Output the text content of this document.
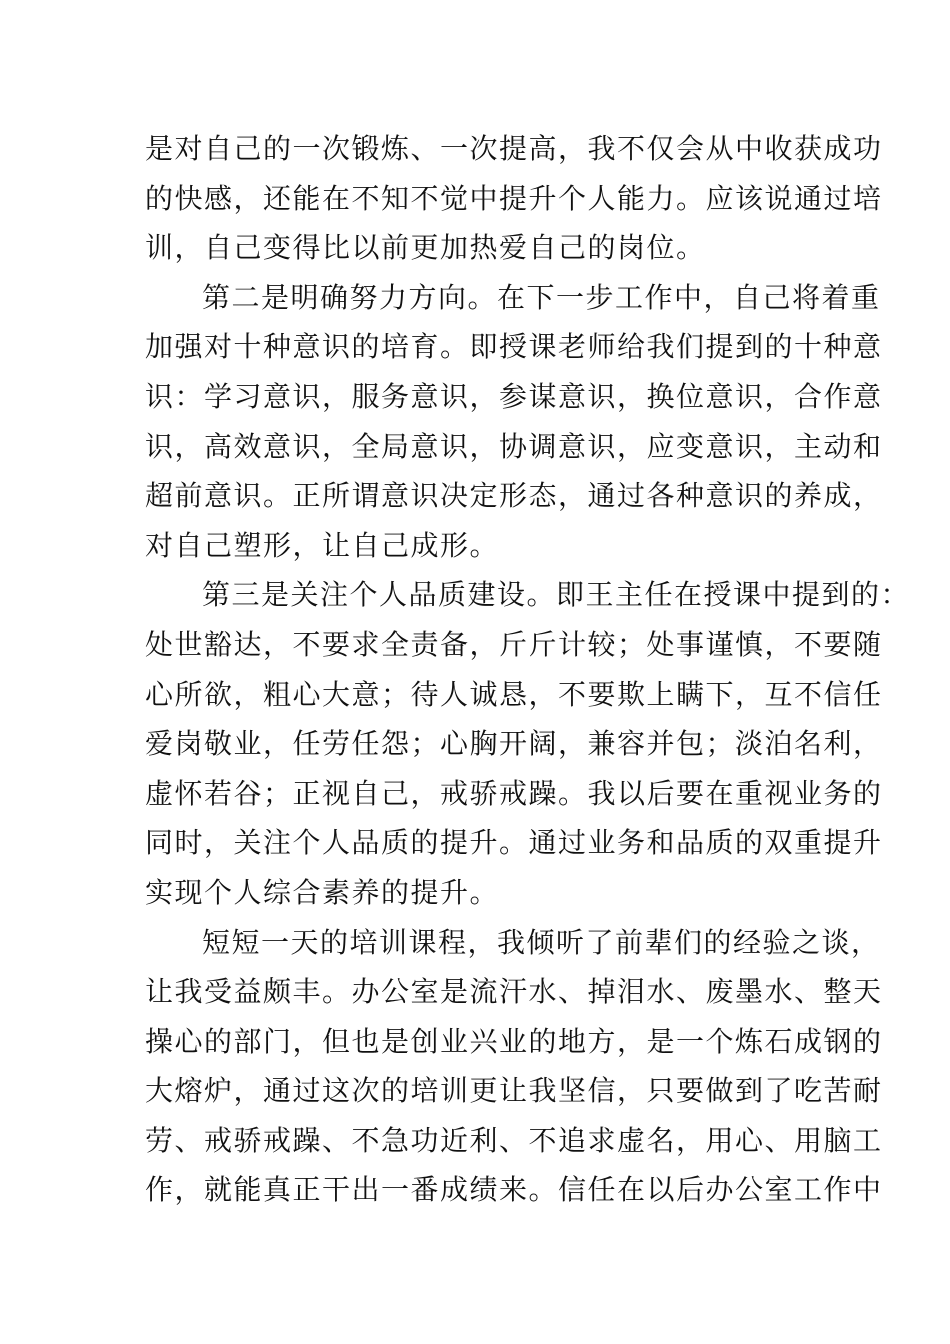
是对自己的一次锻炼、一次提高，我不仅会从中收获成功
的快感，还能在不知不觉中提升个人能力。应该说通过培
训，自己变得比以前更加热爱自己的岗位。
第二是明确努力方向。在下一步工作中，自己将着重
加强对十种意识的培育。即授课老师给我们提到的十种意
识：学习意识，服务意识，参谋意识，换位意识，合作意
识，高效意识，全局意识，协调意识，应变意识，主动和
超前意识。正所谓意识决定形态，通过各种意识的养成，
对自己塑形，让自己成形。
第三是关注个人品质建设。即王主任在授课中提到的：
处世豁达，不要求全责备，斤斤计较；处事谨慎，不要随
心所欲，粗心大意；待人诚恳，不要欺上瞒下，互不信任
爱岗敬业，任劳任怨；心胸开阔，兼容并包；淡泊名利，
虚怀若谷；正视自己，戒骄戒躁。我以后要在重视业务的
同时，关注个人品质的提升。通过业务和品质的双重提升
实现个人综合素养的提升。
短短一天的培训课程，我倾听了前辈们的经验之谈，
让我受益颇丰。办公室是流汗水、掉泪水、废墨水、整天
操心的部门，但也是创业兴业的地方，是一个炼石成钢的
大熔炉，通过这次的培训更让我坚信，只要做到了吃苦耐
劳、戒骄戒躁、不急功近利、不追求虚名，用心、用脑工
作，就能真正干出一番成绩来。信任在以后办公室工作中
